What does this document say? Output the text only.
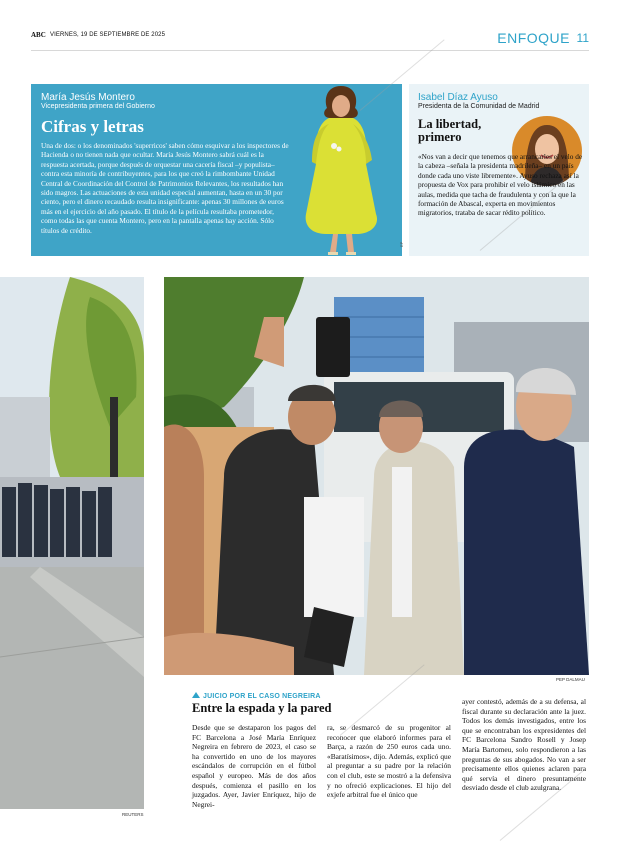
ABC VIERNES, 19 DE SEPTIEMBRE DE 2025	ENFOQUE 11
María Jesús Montero
Vicepresidenta primera del Gobierno
Cifras y letras
Una de dos: o los denominados 'superricos' saben cómo esquivar a los inspectores de Hacienda o no tienen nada que ocultar. María Jesús Montero sabrá cuál es la respuesta acertada, porque después de orquestar una cacería fiscal –y populista– contra esta minoría de contribuyentes, para los que creó la rimbombante Unidad Central de Coordinación del Control de Patrimonios Relevantes, los resultados han sido magros. Las actuaciones de esta unidad especial aumentan, hasta en un 30 por ciento, pero el dinero recaudado resulta insignificante: apenas 30 millones de euros más en el ejercicio del año pasado. El título de la película resultaba prometedor, como todas las que cuenta Montero, pero en la pantalla apenas hay acción. Sólo títulos de crédito.
EP
Isabel Díaz Ayuso
Presidenta de la Comunidad de Madrid
La libertad, primero
«Nos van a decir que tenemos que arrancarles el velo de la cabeza –señala la presidenta madrileña– en un país donde cada uno viste libremente». Ayuso rechaza así la propuesta de Vox para prohibir el velo islámico en las aulas, medida que tacha de fraudulenta y con la que la formación de Abascal, experta en movimientos migratorios, trataba de sacar rédito político.
REUTERS
PEP DALMAU
JUICIO POR EL CASO NEGREIRA
Entre la espada y la pared
Desde que se destaparon los pagos del FC Barcelona a José María Enríquez Negreira en febrero de 2023, el caso se ha convertido en uno de los mayores escándalos de corrupción en el fútbol español y europeo. Más de dos años después, comienza el pasillo en los juzgados. Ayer, Javier Enríquez, hijo de Negrei-
ra, se desmarcó de su progenitor al reconocer que elaboró informes para el Barça, a razón de 250 euros cada uno. «Baratísimos», dijo. Además, explicó que al preguntar a su padre por la relación con el club, este se mostró a la defensiva y no ofreció explicaciones. El hijo del exjefe arbitral fue el único que
ayer contestó, además de a su defensa, al fiscal durante su declaración ante la juez. Todos los demás investigados, entre los que se encontraban los expresidentes del FC Barcelona Sandro Rosell y Josep María Bartomeu, solo respondieron a las preguntas de sus abogados. No van a ser precisamente ellos quienes aclaren para qué servía el dinero presuntamente desviado desde el club azulgrana.
